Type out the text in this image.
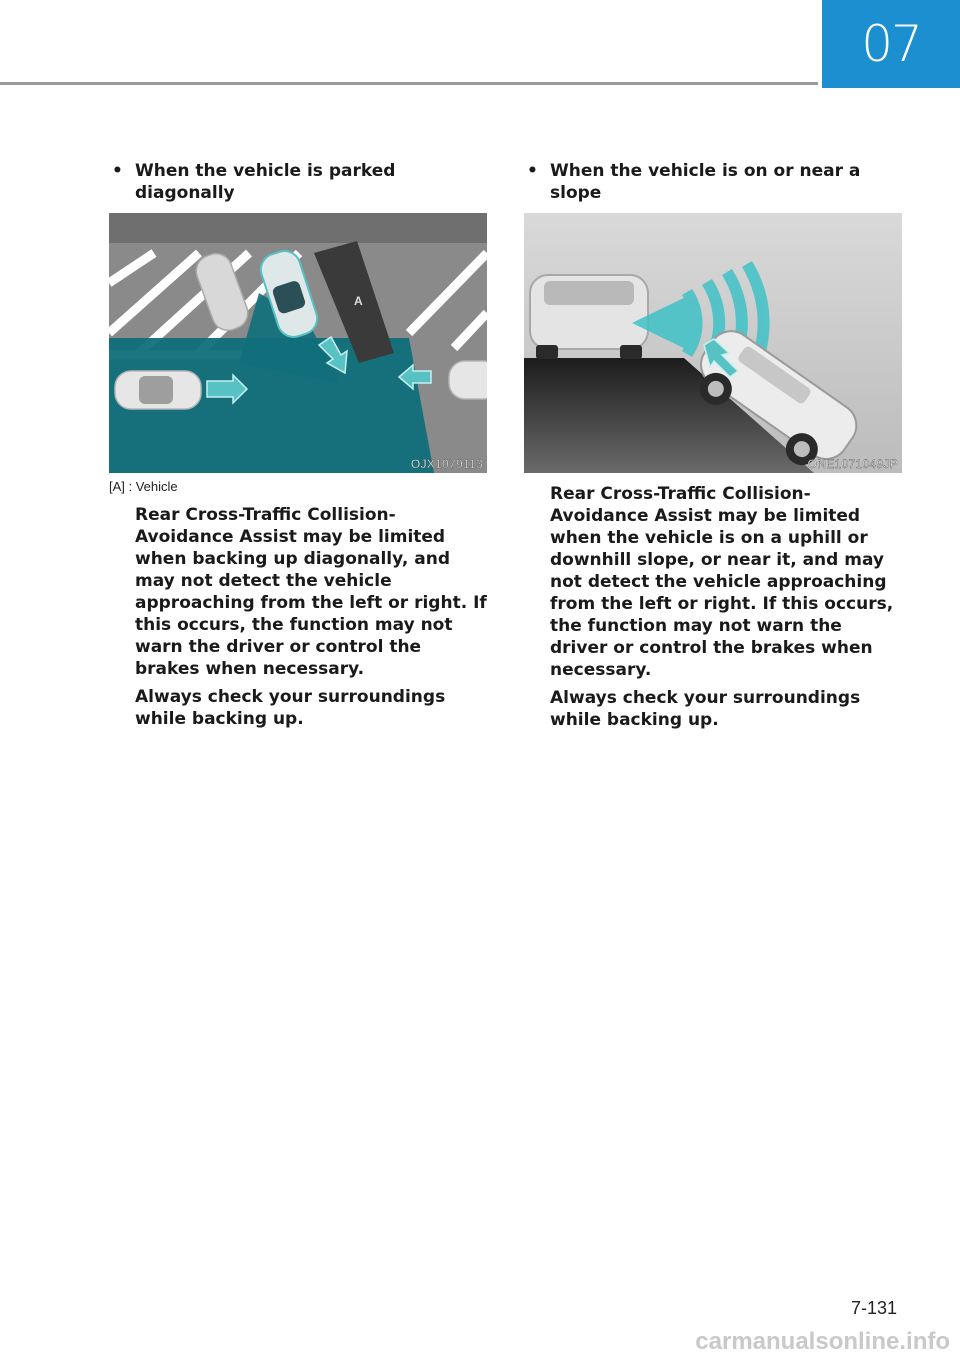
07
• When the vehicle is parked diagonally
A
OJX1079113
[A] : Vehicle
Rear Cross-Traffic Collision-Avoidance Assist may be limited when backing up diagonally, and may not detect the vehicle approaching from the left or right. If this occurs, the function may not warn the driver or control the brakes when necessary.
Always check your surroundings while backing up.
• When the vehicle is on or near a slope
ONE1071049JP
Rear Cross-Traffic Collision-Avoidance Assist may be limited when the vehicle is on a uphill or downhill slope, or near it, and may not detect the vehicle approaching from the left or right. If this occurs, the function may not warn the driver or control the brakes when necessary.
Always check your surroundings while backing up.
7-131
carmanualsonline.info
